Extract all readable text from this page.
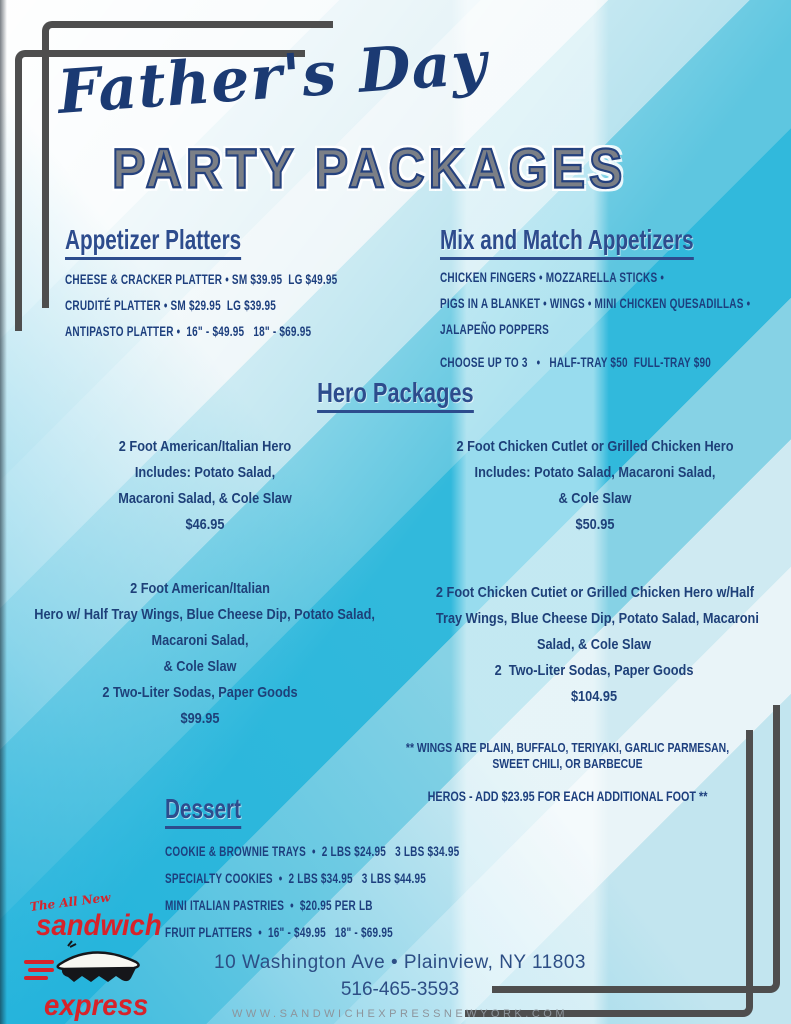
Father's Day
PARTY PACKAGES
Appetizer Platters
CHEESE & CRACKER PLATTER • SM $39.95  LG $49.95
CRUDITÉ PLATTER • SM $29.95  LG $39.95
ANTIPASTO PLATTER •  16" - $49.95   18" - $69.95
Mix and Match Appetizers
CHICKEN FINGERS • MOZZARELLA STICKS •
PIGS IN A BLANKET • WINGS • MINI CHICKEN QUESADILLAS •
JALAPEÑO POPPERS
CHOOSE UP TO 3   •   HALF-TRAY $50  FULL-TRAY $90
Hero Packages
2 Foot American/Italian Hero
Includes: Potato Salad,
Macaroni Salad, & Cole Slaw
$46.95
2 Foot Chicken Cutlet or Grilled Chicken Hero
Includes: Potato Salad, Macaroni Salad,
& Cole Slaw
$50.95
2 Foot American/Italian
Hero w/ Half Tray Wings, Blue Cheese Dip, Potato Salad,
Macaroni Salad,
& Cole Slaw
2 Two-Liter Sodas, Paper Goods
$99.95
2 Foot Chicken Cutiet or Grilled Chicken Hero w/Half
Tray Wings, Blue Cheese Dip, Potato Salad, Macaroni
Salad, & Cole Slaw
2  Two-Liter Sodas, Paper Goods
$104.95
** WINGS ARE PLAIN, BUFFALO, TERIYAKI, GARLIC PARMESAN,
SWEET CHILI, OR BARBECUE
HEROS - ADD $23.95 FOR EACH ADDITIONAL FOOT **
Dessert
COOKIE & BROWNIE TRAYS  •  2 LBS $24.95   3 LBS $34.95
SPECIALTY COOKIES  •  2 LBS $34.95   3 LBS $44.95
MINI ITALIAN PASTRIES  •  $20.95 PER LB
FRUIT PLATTERS  •  16" - $49.95   18" - $69.95
The All New
sandwich
express
10 Washington Ave • Plainview, NY 11803
516-465-3593
WWW.SANDWICHEXPRESSNEWYORK.COM
